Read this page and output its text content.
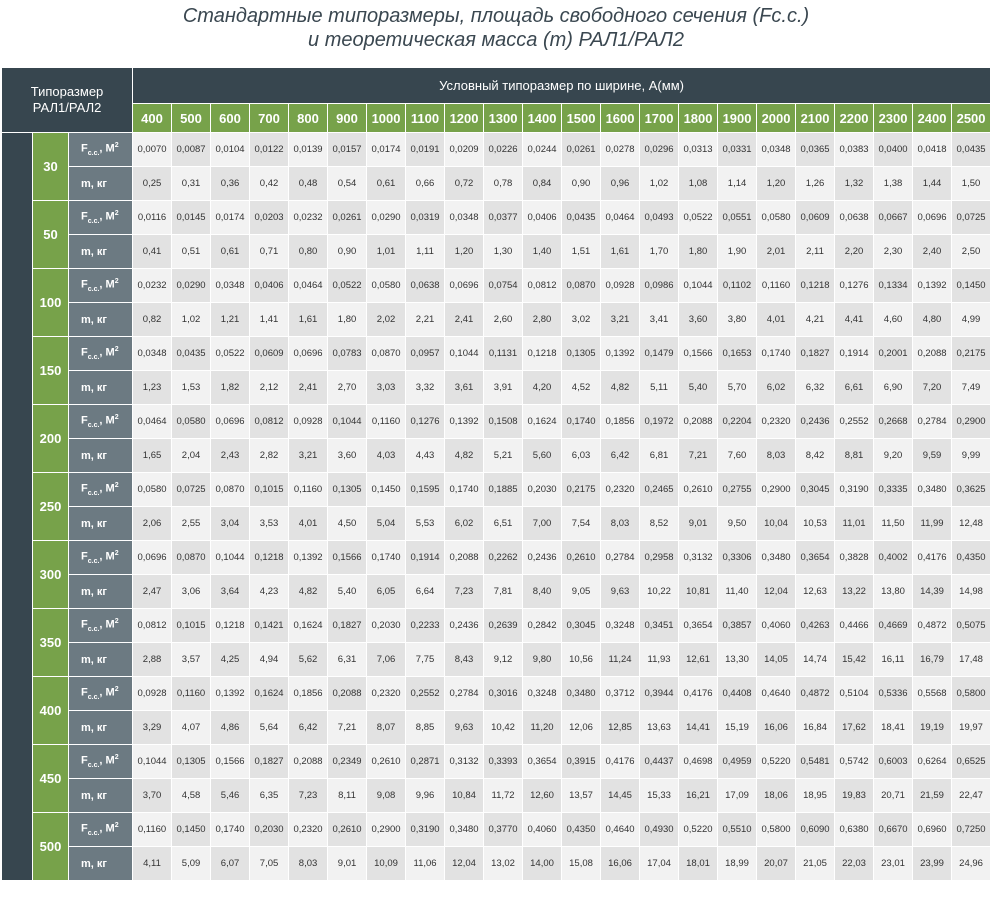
Стандартные типоразмеры, площадь свободного сечения (Fc.c.)
и теоретическая масса (m) РАЛ1/РАЛ2
Типоразмер РАЛ1/РАЛ2			Условный типоразмер по ширине, А(мм)																					
			400	500	600	700	800	900	1000	1100	1200	1300	1400	1500	1600	1700	1800	1900	2000	2100	2200	2300	2400	2500
	30	$F_{с.с.}$, $М^2$	0,0070	0,0087	0,0104	0,0122	0,0139	0,0157	0,0174	0,0191	0,0209	0,0226	0,0244	0,0261	0,0278	0,0296	0,0313	0,0331	0,0348	0,0365	0,0383	0,0400	0,0418	0,0435
		m, кг	0,25	0,31	0,36	0,42	0,48	0,54	0,61	0,66	0,72	0,78	0,84	0,90	0,96	1,02	1,08	1,14	1,20	1,26	1,32	1,38	1,44	1,50
	50	$F_{с.с.}$, $М^2$	0,0116	0,0145	0,0174	0,0203	0,0232	0,0261	0,0290	0,0319	0,0348	0,0377	0,0406	0,0435	0,0464	0,0493	0,0522	0,0551	0,0580	0,0609	0,0638	0,0667	0,0696	0,0725
		m, кг	0,41	0,51	0,61	0,71	0,80	0,90	1,01	1,11	1,20	1,30	1,40	1,51	1,61	1,70	1,80	1,90	2,01	2,11	2,20	2,30	2,40	2,50
	100	$F_{с.с.}$, $М^2$	0,0232	0,0290	0,0348	0,0406	0,0464	0,0522	0,0580	0,0638	0,0696	0,0754	0,0812	0,0870	0,0928	0,0986	0,1044	0,1102	0,1160	0,1218	0,1276	0,1334	0,1392	0,1450
		m, кг	0,82	1,02	1,21	1,41	1,61	1,80	2,02	2,21	2,41	2,60	2,80	3,02	3,21	3,41	3,60	3,80	4,01	4,21	4,41	4,60	4,80	4,99
	150	$F_{с.с.}$, $М^2$	0,0348	0,0435	0,0522	0,0609	0,0696	0,0783	0,0870	0,0957	0,1044	0,1131	0,1218	0,1305	0,1392	0,1479	0,1566	0,1653	0,1740	0,1827	0,1914	0,2001	0,2088	0,2175
		m, кг	1,23	1,53	1,82	2,12	2,41	2,70	3,03	3,32	3,61	3,91	4,20	4,52	4,82	5,11	5,40	5,70	6,02	6,32	6,61	6,90	7,20	7,49
	200	$F_{с.с.}$, $М^2$	0,0464	0,0580	0,0696	0,0812	0,0928	0,1044	0,1160	0,1276	0,1392	0,1508	0,1624	0,1740	0,1856	0,1972	0,2088	0,2204	0,2320	0,2436	0,2552	0,2668	0,2784	0,2900
		m, кг	1,65	2,04	2,43	2,82	3,21	3,60	4,03	4,43	4,82	5,21	5,60	6,03	6,42	6,81	7,21	7,60	8,03	8,42	8,81	9,20	9,59	9,99
	250	$F_{с.с.}$, $М^2$	0,0580	0,0725	0,0870	0,1015	0,1160	0,1305	0,1450	0,1595	0,1740	0,1885	0,2030	0,2175	0,2320	0,2465	0,2610	0,2755	0,2900	0,3045	0,3190	0,3335	0,3480	0,3625
		m, кг	2,06	2,55	3,04	3,53	4,01	4,50	5,04	5,53	6,02	6,51	7,00	7,54	8,03	8,52	9,01	9,50	10,04	10,53	11,01	11,50	11,99	12,48
	300	$F_{с.с.}$, $М^2$	0,0696	0,0870	0,1044	0,1218	0,1392	0,1566	0,1740	0,1914	0,2088	0,2262	0,2436	0,2610	0,2784	0,2958	0,3132	0,3306	0,3480	0,3654	0,3828	0,4002	0,4176	0,4350
		m, кг	2,47	3,06	3,64	4,23	4,82	5,40	6,05	6,64	7,23	7,81	8,40	9,05	9,63	10,22	10,81	11,40	12,04	12,63	13,22	13,80	14,39	14,98
	350	$F_{с.с.}$, $М^2$	0,0812	0,1015	0,1218	0,1421	0,1624	0,1827	0,2030	0,2233	0,2436	0,2639	0,2842	0,3045	0,3248	0,3451	0,3654	0,3857	0,4060	0,4263	0,4466	0,4669	0,4872	0,5075
		m, кг	2,88	3,57	4,25	4,94	5,62	6,31	7,06	7,75	8,43	9,12	9,80	10,56	11,24	11,93	12,61	13,30	14,05	14,74	15,42	16,11	16,79	17,48
	400	$F_{с.с.}$, $М^2$	0,0928	0,1160	0,1392	0,1624	0,1856	0,2088	0,2320	0,2552	0,2784	0,3016	0,3248	0,3480	0,3712	0,3944	0,4176	0,4408	0,4640	0,4872	0,5104	0,5336	0,5568	0,5800
		m, кг	3,29	4,07	4,86	5,64	6,42	7,21	8,07	8,85	9,63	10,42	11,20	12,06	12,85	13,63	14,41	15,19	16,06	16,84	17,62	18,41	19,19	19,97
	450	$F_{с.с.}$, $М^2$	0,1044	0,1305	0,1566	0,1827	0,2088	0,2349	0,2610	0,2871	0,3132	0,3393	0,3654	0,3915	0,4176	0,4437	0,4698	0,4959	0,5220	0,5481	0,5742	0,6003	0,6264	0,6525
		m, кг	3,70	4,58	5,46	6,35	7,23	8,11	9,08	9,96	10,84	11,72	12,60	13,57	14,45	15,33	16,21	17,09	18,06	18,95	19,83	20,71	21,59	22,47
	500	$F_{с.с.}$, $М^2$	0,1160	0,1450	0,1740	0,2030	0,2320	0,2610	0,2900	0,3190	0,3480	0,3770	0,4060	0,4350	0,4640	0,4930	0,5220	0,5510	0,5800	0,6090	0,6380	0,6670	0,6960	0,7250
		m, кг	4,11	5,09	6,07	7,05	8,03	9,01	10,09	11,06	12,04	13,02	14,00	15,08	16,06	17,04	18,01	18,99	20,07	21,05	22,03	23,01	23,99	24,96
